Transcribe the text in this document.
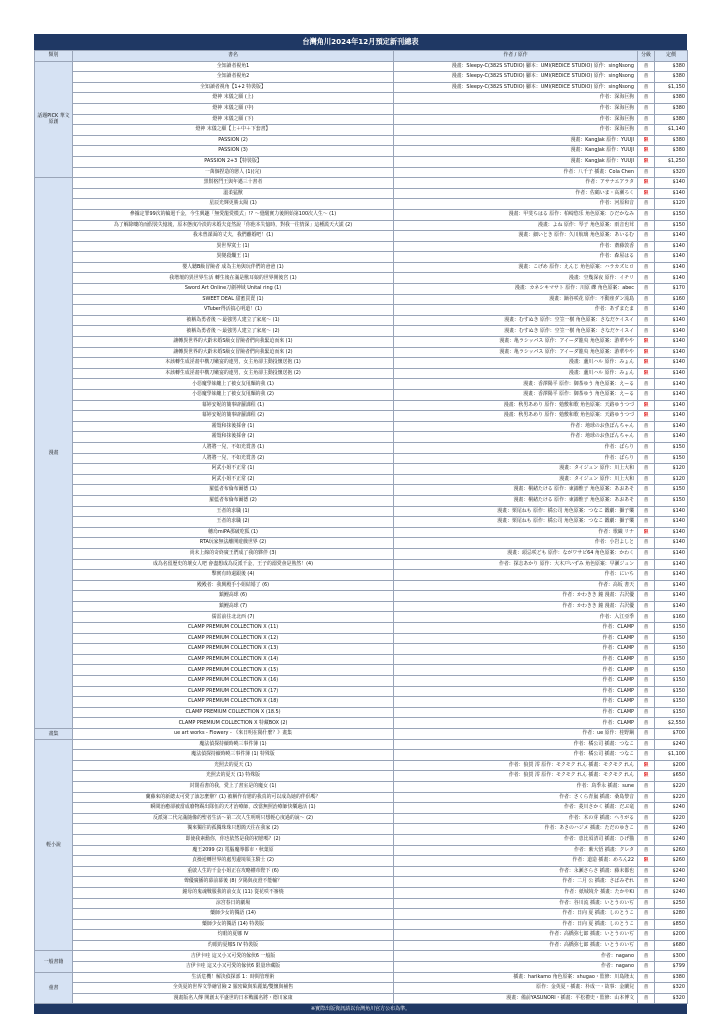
台灣角川2024年12月預定新刊總表
類別	書名	作者 / 原作	分級	定價
話題PICK 華文原創	全知讀者視角1	漫畫：Sleepy-C(382S STUDIO) 腳本：UMI(REDICE STUDIO) 原作：singNsong	普	$380
	全知讀者視角2	漫畫：Sleepy-C(382S STUDIO) 腳本：UMI(REDICE STUDIO) 原作：singNsong	普	$380
	全知讀者視角【1+2 特裝版】	漫畫：Sleepy-C(382S STUDIO) 腳本：UMI(REDICE STUDIO) 原作：singNsong	普	$1,150
	燈神 末儀之願 (上)	作者：深海巨狗	普	$380
	燈神 末儀之願 (中)	作者：深海巨狗	普	$380
	燈神 末儀之願 (下)	作者：深海巨狗	普	$380
	燈神 末儀之願【上＋中＋下套書】	作者：深海巨狗	普	$1,140
	PASSION (2)	漫畫：KangJak 原作：YUUJI	限	$380
	PASSION (3)	漫畫：KangJak 原作：YUUJI	限	$380
	PASSION 2+3【特裝版】	漫畫：KangJak 原作：YUUJI	限	$1,250
	一萬個捏造的戀人 (1)(完)	作者：八千子 插畫：Cola Chen	普	$320
漫畫	黑幫格鬥王與年邁三十書者	作者：アサナエアラタ	限	$140
	溫柔猛獸	作者：佐鶴いま・高瀬ろく	限	$140
	星辰光輝更勝太陽 (1)	作者：河原和音	普	$120
	參據定罪99次的輪迴千金，今生興趣「無愛龍愛模式」!? ～覺醒實力後開始第100次人生～ (1)	漫畫：甲斐ちはる 原作：柏崎悠乐 角色原案：ひだかなみ	普	$150
	為了解除嘍的而假裝失憶後，原本態度冷淡的未婚夫竟然說「你他本失憶時，對我一往情深」這種謊天大謊 (2)	漫畫：よね 原作：琴子 角色原案：雨音也茸	普	$150
	我未曾謀面的丈夫，我們離婚吧！(1)	漫畫：細いとき 原作：久川航璃 角色原案：あいるむ	普	$140
	異世界寞士 (1)	作者：齋藤敦香	普	$140
	異變殺爛王 (1)	作者：森屋はる	普	$140
	嬰人聽B級冒險者 成為主角與玩伴們的爸爸 (1)	漫畫：こげめ 原作：えんじ 角色原案：ハラカズヒロ	普	$140
	我增壇的異世界生活 轉生後在滿是獸耳娘的世界開後宮 (1)	漫畫：空幾深夜 原作：イチリ	普	$140
	Sword Art Online刀劍神域 Unital ring (1)	漫畫：カネシキマサト 原作：川原 礫 角色原案：abec	普	$170
	SWEET DEAL 甜蜜買賣 (1)	漫畫：鏑谷咲花 原作：不動座ダン滝島	普	$160
	VTuber得活搞心明道！(1)	作者：あずまたま	普	$140
	被稱為勇者後 ～最強男人建立了家庭～ (1)	漫畫：むすぬき 原作：空笠一樹 角色原案：さなだケイスイ	普	$140
	被稱為勇者後 ～最強男人建立了家庭～ (2)	漫畫：むすぬき 原作：空笠一樹 角色原案：さなだケイスイ	普	$140
	讓轉異世界的大齡未婚S級女冒險者們向我緊迫而來 (1)	漫畫：亀ラシッパス 原作：アイーダ龍央 角色原案：游華やや	限	$140
	讓轉異世界的大齡未婚S級女冒險者們向我緊迫而來 (2)	漫畫：亀ラシッパス 原作：アイーダ龍央 角色原案：游華やや	限	$140
	本該轉生成淫畫中構刀嫩宴的連男，女主角卻主動投懷送抱 (1)	漫畫：蘆川ハル 原作：みょん	限	$140
	本該轉生成淫畫中構刀嫩宴的連男，女主角卻主動投懷送抱 (2)	漫畫：蘆川ハル 原作：みょん	限	$140
	小惡魔學妹纏上了被女友甩麵的我 (1)	漫畫：香澤陽平 原作：御茶ゆう 角色原案：えーる	普	$140
	小惡魔學妹纏上了被女友甩麵的我 (2)	漫畫：香澤陽平 原作：御茶ゆう 角色原案：えーる	普	$140
	幕婷安妮的簡事辟蘿課程 (1)	漫畫：秋男あめり 原作：勉敷和歌 角色原案：天路ゆうつづ	限	$140
	幕婷安妮的簡事辟蘿課程 (2)	漫畫：秋男あめり 原作：勉敷和歌 角色原案：天路ゆうつづ	限	$140
	霧殼和抹後採會 (1)	作者：地球のお魚ぽんちゃん	普	$140
	霧殼和抹後採會 (2)	作者：地球のお魚ぽんちゃん	普	$140
	人將將一兒，不如光賞善 (1)	作者：ぱらり	普	$150
	人將將一兒，不如光賞善 (2)	作者：ぱらり	普	$150
	阿武小姐不正常 (1)	漫畫：タイジュン 原作：川上大和	普	$120
	阿武小姐不正常 (2)	漫畫：タイジュン 原作：川上大和	普	$120
	羅藍者布倫布爾德 (1)	漫畫：桐緒たける 原作：東錦惟子 角色原案：あおあそ	普	$150
	羅藍者布倫布爾德 (2)	漫畫：桐緒たける 原作：東錦惟子 角色原案：あおあそ	普	$150
	王者的求職 (1)	漫畫：栗尾ねも 原作：橘公司 角色原案：つなこ 鑑劇：獅子樂	普	$140
	王者的求職 (2)	漫畫：栗尾ねも 原作：橘公司 角色原案：つなこ 鑑劇：獅子樂	普	$140
	穗烏miPA那破吃狐 (1)	作者：歌織 リナ	限	$140
	RTA玩家無法離開遊戲世界 (2)	作者：小岩よしと	普	$140
	尚未上線的奇終廣王們成了我的夥伴 (3)	漫畫：頭忌咲ども 原作：ながワサビ64 角色原案：かわく	普	$140
	成為名留歷史的壞女人吧 會盡想成為反派千金，王子的溺愛會是熟然！(4)	作者：探志あかり 原作：大木戸いずみ 角色原案：早瀬ジュン	普	$140
	擊實有時還跟後 (4)	作者：にいち	普	$140
	殿殿者：我興殿手小姐結婚了 (6)	作者：高坂 書天	普	$140
	鎮鯉高球 (6)	作者：かわきき 鐘 漫畫：古沢優	普	$140
	鎮鯉高球 (7)	作者：かわきき 鐘 漫畫：古沢優	普	$140
	儒雷前往北北西 (7)	作者：入江亞季	普	$160
	CLAMP PREMIUM COLLECTION X (11)	作者：CLAMP	普	$150
	CLAMP PREMIUM COLLECTION X (12)	作者：CLAMP	普	$150
	CLAMP PREMIUM COLLECTION X (13)	作者：CLAMP	普	$150
	CLAMP PREMIUM COLLECTION X (14)	作者：CLAMP	普	$150
	CLAMP PREMIUM COLLECTION X (15)	作者：CLAMP	普	$150
	CLAMP PREMIUM COLLECTION X (16)	作者：CLAMP	普	$150
	CLAMP PREMIUM COLLECTION X (17)	作者：CLAMP	普	$150
	CLAMP PREMIUM COLLECTION X (18)	作者：CLAMP	普	$150
	CLAMP PREMIUM COLLECTION X (18.5)	作者：CLAMP	普	$150
	CLAMP PREMIUM COLLECTION X 特藏BOX (2)	作者：CLAMP	普	$2,550
畫集	ue art works - Flowery - 《來日明在陽什麼？》畫集	作者：ue 原作：桂野鋼	普	$700
輕小說	魔法偵探持續時曉三事件簿 (1)	作者：橘公司 插畫：つなこ	普	$240
	魔法偵探持續時曉三事件簿 (1) 特殊版	作者：橘公司 插畫：つなこ	普	$1,100
	光照去的夏天 (1)	作者：狼賀 澪 原作：モクモク れん 插畫：モクモク れん	限	$200
	光照去的夏天 (1) 特殊版	作者：狼賀 澪 原作：モクモク れん 插畫：モクモク れん	限	$650
	封閉看書的我，愛上了書室是的魔女 (1)	作者：鳥季永 插畫：sune	普	$220
	蘭藤來的新總太可愛了該怎麼辦？(1) 被稱作有戀的我真的可以成為她的伴侶嗎？	作者：さくら青嵐 插畫：桑島黎音	普	$220
	瞬間治癒卻被當成廢物踢出隊伍的天才治療師，改當無照治療師快樂過活 (1)	作者：菱川さかく 插畫：だぶ竜	普	$240
	反派第二代完滿隨像的聖者生活～第二次人生明明只想輕心度過的說～ (2)	作者：木の芽 插畫：へりがる	普	$220
	獨來獨往的孤獨珠珠只想簡天往在我家 (2)	作者：あさのハジメ 插畫：ただのゆきこ	普	$240
	即使我素勳你，你也依然是我的初戀嗎？(2)	作者：恵比須清司 插畫：ひげ猫	普	$240
	魔王2099 (2) 電腦魔導都市・秋葉原	作者：紫大悟 插畫：クレタ	普	$260
	貞操逆轉世界的處男邊境領主騎士 (2)	作者：道造 插畫：めろん22	限	$260
	重啟人生的千金小姐正在攻略權帝陛下 (6)	作者：永瀬さらさ 插畫：藤未都也	普	$240
	聲優廣播的幕前幕後 (8) 夕陽與夜澄不能輸？	作者：二月 公 插畫：さばみぞれ	普	$240
	鐘母的鬼魂戰服我的前女友 (11) 從花咲不審燒	作者：紙城境介 插畫：たかやKi	普	$240
	涼宮春日的劇場	作者：谷川流 插畫：いとうのいぢ	普	$250
	藥師少女的獨語 (14)	作者：日向 夏 插畫：しのとうこ	普	$280
	藥師少女的獨語 (14) 特裝版	作者：日向 夏 插畫：しのとうこ	普	$850
	灼眼的夏娜 IV	作者：高橋弥七郎 插畫：いとうのいぢ	普	$200
	灼眼的夏娜S IV 特裝版	作者：高橋弥七郎 插畫：いとうのいぢ	普	$680
一般書籍	吉伊卡哇 這又小又可愛的傢伙6 一般版	作者：nagano	普	$300
	吉伊卡哇 這又小又可愛的傢伙6 限量珍藏版	作者：nagano	普	$799
童書	生活危機！解決偵探部 1：時間管理術	插畫：harikamo 角色原案：shugao・監修：川島隆太	普	$380
	全英夏的世界文學繪冒險 2 羅密歐與茱麗葉/雙懷與補售	原作：金英夏・插畫：朴成一・故事：金蘭兒	普	$320
	漫畫版名人傳 開創太平盛世的日本戰國名將・德川家康	漫畫：備前YASUNORI・插畫：平松禮史・監修：山本博文	普	$320
※實際出版資訊請以台灣角川官方公布為準。
